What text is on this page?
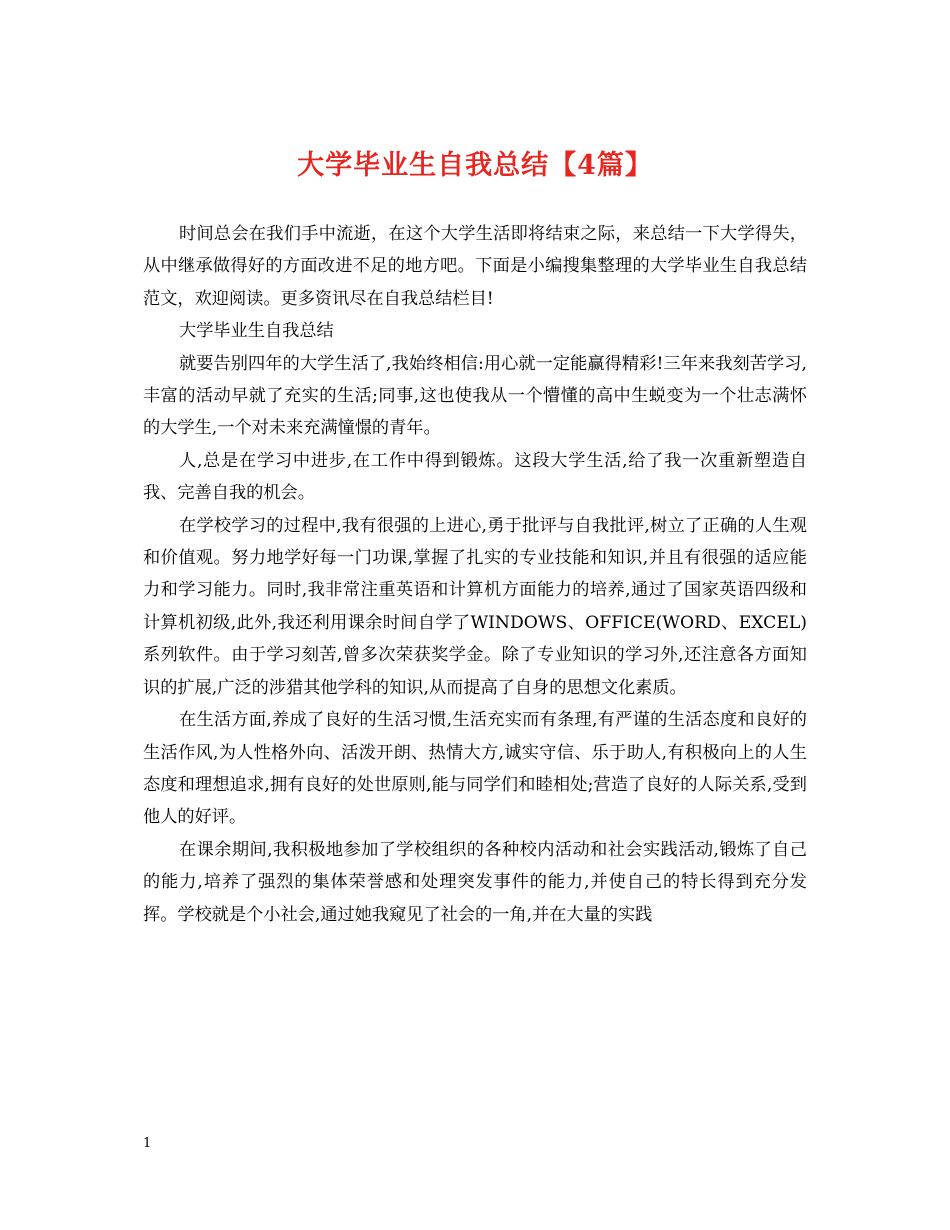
大学毕业生自我总结【4篇】

时间总会在我们手中流逝，在这个大学生活即将结束之际，来总结一下大学得失，从中继承做得好的方面改进不足的地方吧。下面是小编搜集整理的大学毕业生自我总结范文，欢迎阅读。更多资讯尽在自我总结栏目!

大学毕业生自我总结

就要告别四年的大学生活了,我始终相信:用心就一定能赢得精彩!三年来我刻苦学习,丰富的活动早就了充实的生活;同事,这也使我从一个懵懂的高中生蜕变为一个壮志满怀的大学生,一个对未来充满憧憬的青年。

人,总是在学习中进步,在工作中得到锻炼。这段大学生活,给了我一次重新塑造自我、完善自我的机会。

在学校学习的过程中,我有很强的上进心,勇于批评与自我批评,树立了正确的人生观和价值观。努力地学好每一门功课,掌握了扎实的专业技能和知识,并且有很强的适应能力和学习能力。同时,我非常注重英语和计算机方面能力的培养,通过了国家英语四级和计算机初级,此外,我还利用课余时间自学了WINDOWS、OFFICE(WORD、EXCEL)系列软件。由于学习刻苦,曾多次荣获奖学金。除了专业知识的学习外,还注意各方面知识的扩展,广泛的涉猎其他学科的知识,从而提高了自身的思想文化素质。

在生活方面,养成了良好的生活习惯,生活充实而有条理,有严谨的生活态度和良好的生活作风,为人性格外向、活泼开朗、热情大方,诚实守信、乐于助人,有积极向上的人生态度和理想追求,拥有良好的处世原则,能与同学们和睦相处;营造了良好的人际关系,受到他人的好评。

在课余期间,我积极地参加了学校组织的各种校内活动和社会实践活动,锻炼了自己的能力,培养了强烈的集体荣誉感和处理突发事件的能力,并使自己的特长得到充分发挥。学校就是个小社会,通过她我窥见了社会的一角,并在大量的实践

1
